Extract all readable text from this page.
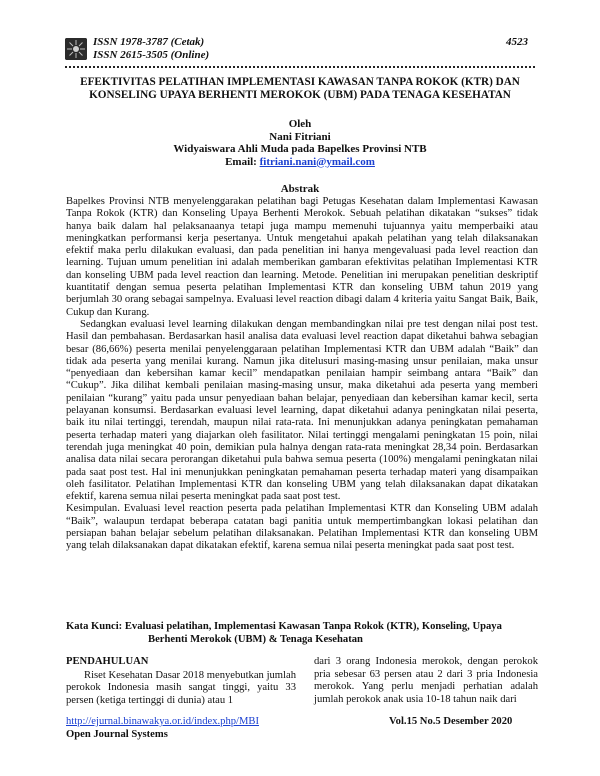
ISSN 1978-3787 (Cetak)
ISSN 2615-3505 (Online)
4523
EFEKTIVITAS PELATIHAN IMPLEMENTASI KAWASAN TANPA ROKOK (KTR) DAN
KONSELING UPAYA BERHENTI MEROKOK (UBM) PADA TENAGA KESEHATAN
Oleh
Nani Fitriani
Widyaiswara Ahli Muda pada Bapelkes Provinsi NTB
Email: fitriani.nani@ymail.com
Abstrak

Bapelkes Provinsi NTB menyelenggarakan pelatihan bagi Petugas Kesehatan dalam Implementasi Kawasan Tanpa Rokok (KTR) dan Konseling Upaya Berhenti Merokok. Sebuah pelatihan dikatakan “sukses” tidak hanya baik dalam hal pelaksanaanya tetapi juga mampu memenuhi tujuannya yaitu memperbaiki atau meningkatkan performansi kerja pesertanya. Untuk mengetahui apakah pelatihan yang telah dilaksanakan efektif maka perlu dilakukan evaluasi, dan pada penelitian ini hanya mengevaluasi pada level reaction dan learning. Tujuan umum penelitian ini adalah memberikan gambaran efektivitas pelatihan Implementasi KTR dan konseling UBM pada level reaction dan learning. Metode. Penelitian ini merupakan penelitian deskriptif kuantitatif dengan semua peserta pelatihan Implementasi KTR dan konseling UBM tahun 2019 yang berjumlah 30 orang sebagai sampelnya. Evaluasi level reaction dibagi dalam 4 kriteria yaitu Sangat Baik, Baik, Cukup dan Kurang.

Sedangkan evaluasi level learning dilakukan dengan membandingkan nilai pre test dengan nilai post test. Hasil dan pembahasan. Berdasarkan hasil analisa data evaluasi level reaction dapat diketahui bahwa sebagian besar (86,66%) peserta menilai penyelenggaraan pelatihan Implementasi KTR dan UBM adalah “Baik” dan tidak ada peserta yang menilai kurang. Namun jika ditelusuri masing-masing unsur penilaian, maka unsur “penyediaan dan kebersihan kamar kecil” mendapatkan penilaian hampir seimbang antara “Baik” dan “Cukup”. Jika dilihat kembali penilaian masing-masing unsur, maka diketahui ada peserta yang memberi penilaian “kurang” yaitu pada unsur penyediaan bahan belajar, penyediaan dan kebersihan kamar kecil, serta pelayanan konsumsi. Berdasarkan evaluasi level learning, dapat diketahui adanya peningkatan nilai peserta, baik itu nilai tertinggi, terendah, maupun nilai rata-rata. Ini menunjukkan adanya peningkatan pemahaman peserta terhadap materi yang diajarkan oleh fasilitator. Nilai tertinggi mengalami peningkatan 15 poin, nilai terendah juga meningkat 40 poin, demikian pula halnya dengan rata-rata meningkat 28,34 poin. Berdasarkan analisa data nilai secara perorangan diketahui pula bahwa semua peserta (100%) mengalami peningkatan nilai pada saat post test. Hal ini menunjukkan peningkatan pemahaman peserta terhadap materi yang disampaikan oleh fasilitator. Pelatihan Implementasi KTR dan konseling UBM yang telah dilaksanakan dapat dikatakan efektif, karena semua nilai peserta meningkat pada saat post test.

Kesimpulan. Evaluasi level reaction peserta pada pelatihan Implementasi KTR dan Konseling UBM adalah “Baik”, walaupun terdapat beberapa catatan bagi panitia untuk mempertimbangkan lokasi pelatihan dan persiapan bahan belajar sebelum pelatihan dilaksanakan. Pelatihan Implementasi KTR dan konseling UBM yang telah dilaksanakan dapat dikatakan efektif, karena semua nilai peserta meningkat pada saat post test.

Kata Kunci: Evaluasi pelatihan, Implementasi Kawasan Tanpa Rokok (KTR), Konseling, Upaya
Berhenti Merokok (UBM) & Tenaga Kesehatan
PENDAHULUAN
Riset Kesehatan Dasar 2018 menyebutkan jumlah perokok Indonesia masih sangat tinggi, yaitu 33 persen (ketiga tertinggi di dunia) atau 1
dari 3 orang Indonesia merokok, dengan perokok pria sebesar 63 persen atau 2 dari 3 pria Indonesia merokok. Yang perlu menjadi perhatian adalah jumlah perokok anak usia 10-18 tahun naik dari
http://ejurnal.binawakya.or.id/index.php/MBI
Open Journal Systems
Vol.15 No.5 Desember 2020
